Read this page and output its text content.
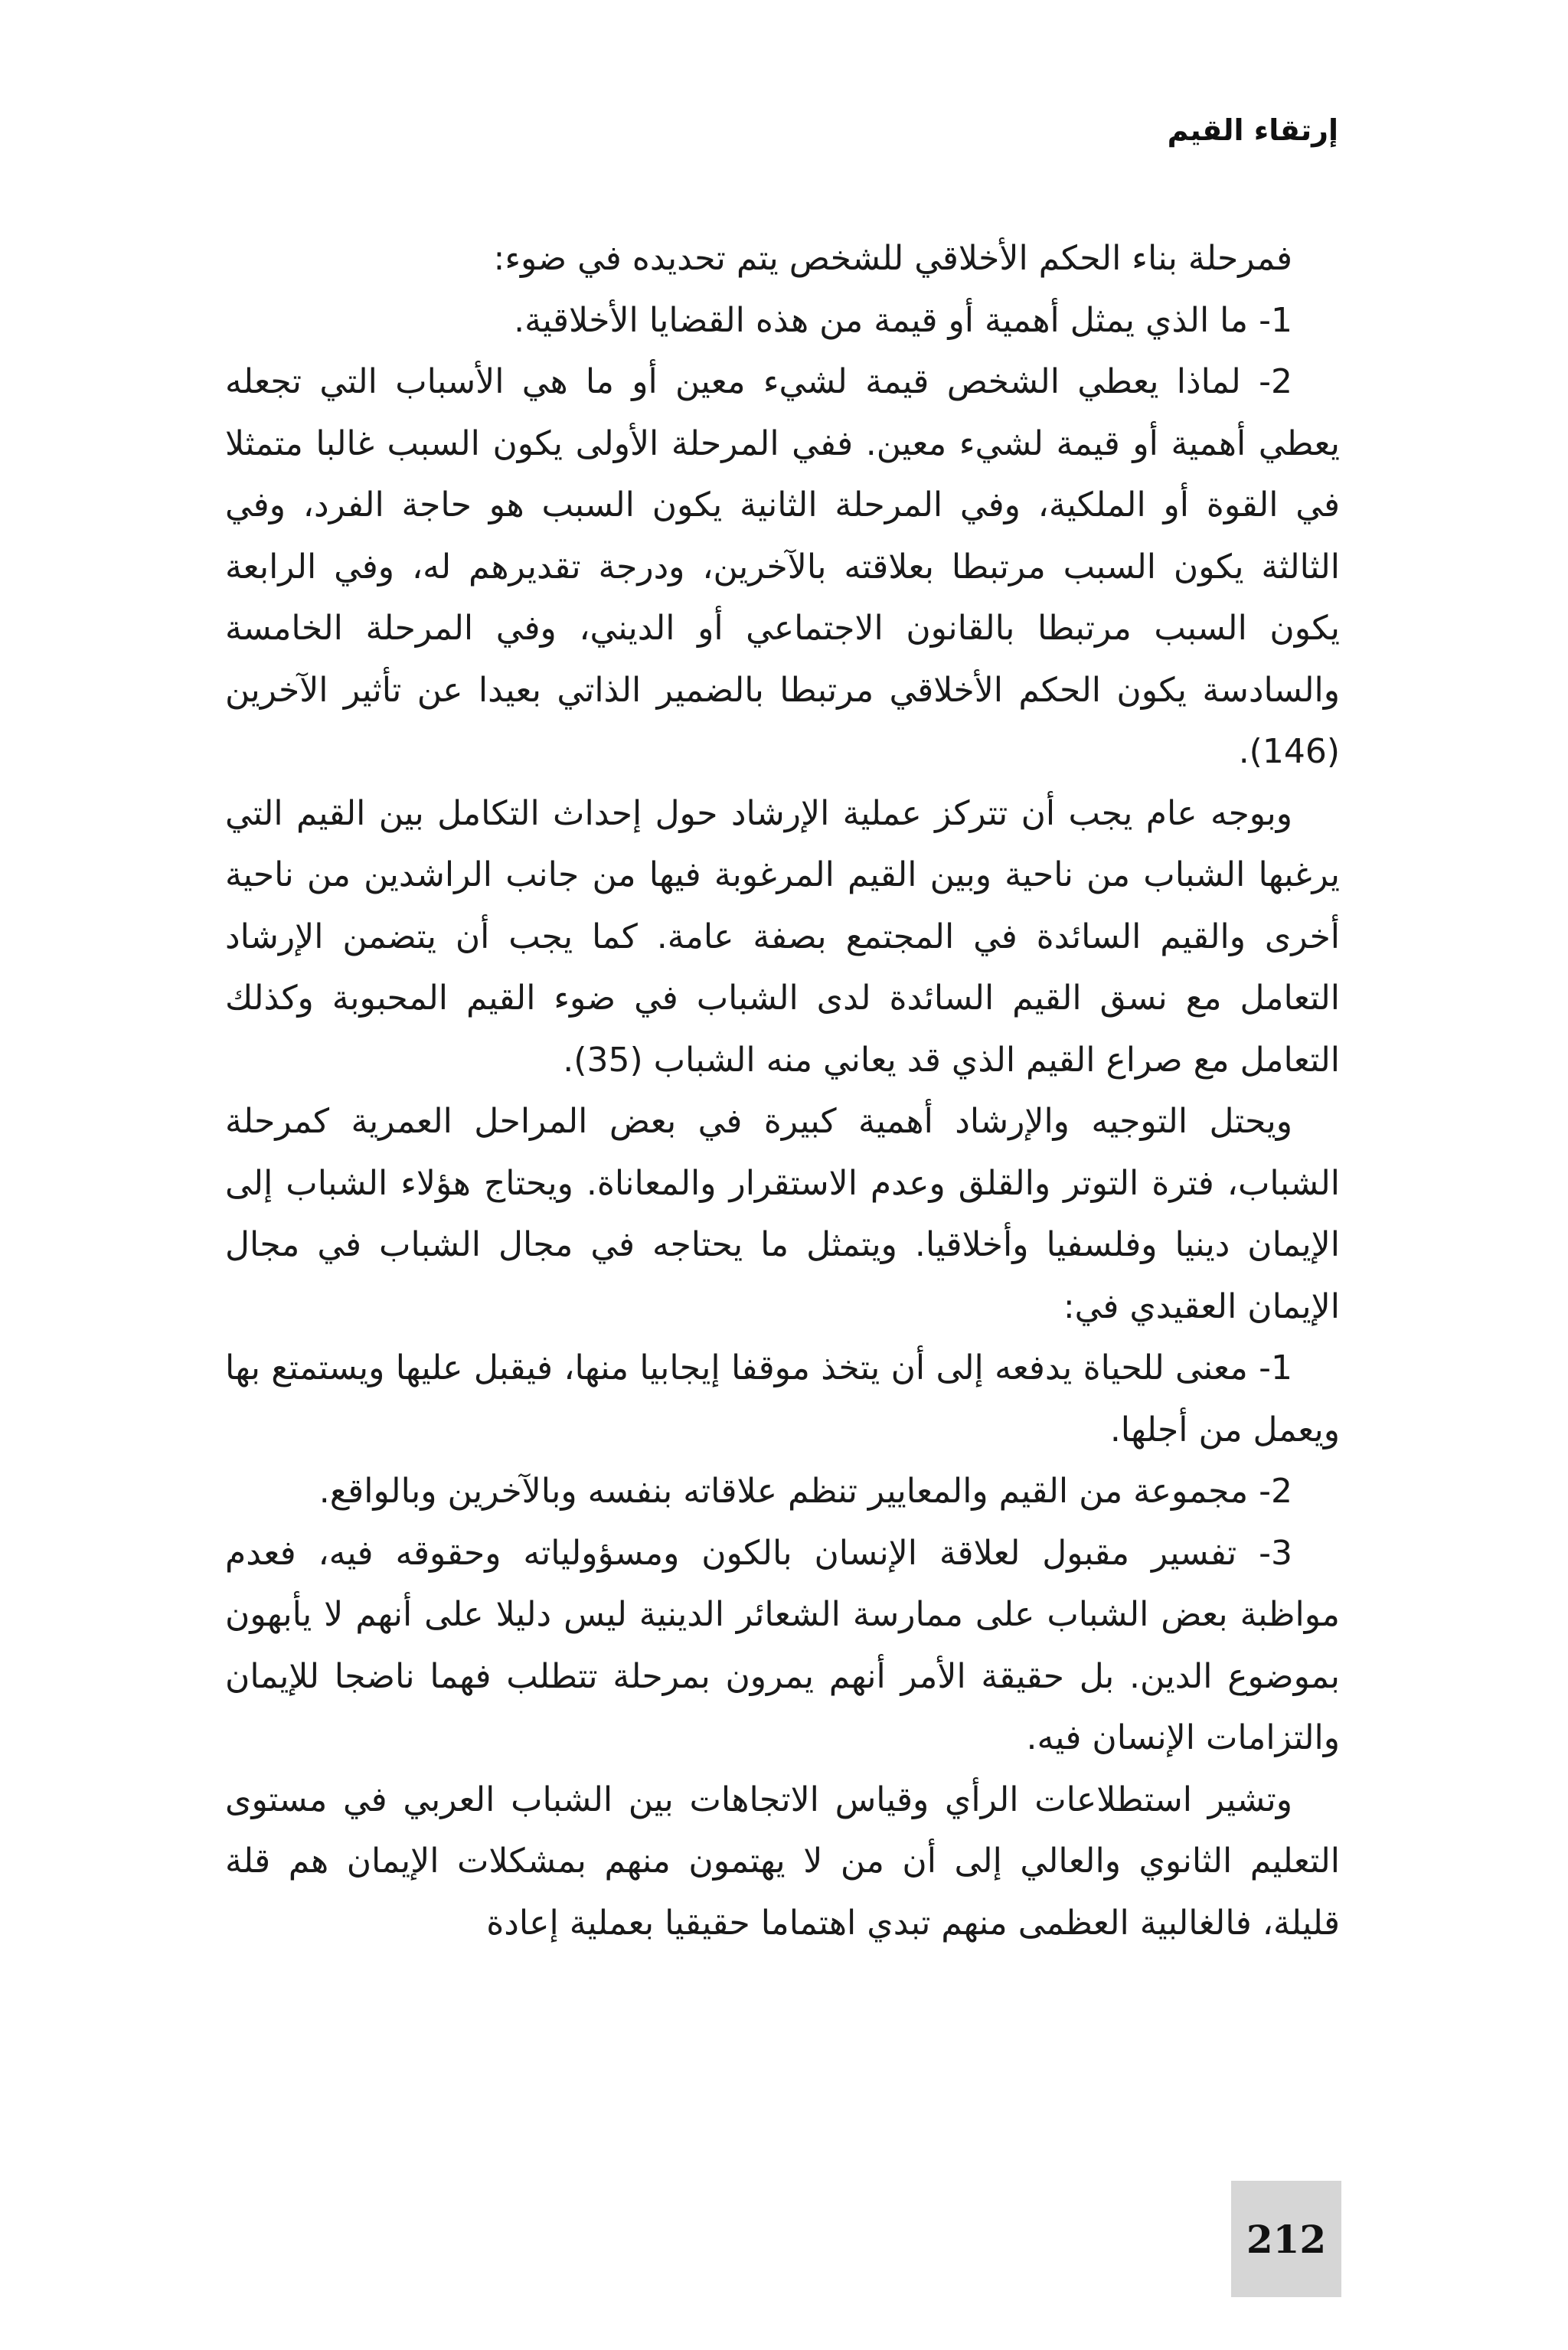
إرتقاء القيم

فمرحلة بناء الحكم الأخلاقي للشخص يتم تحديده في ضوء:

1- ما الذي يمثل أهمية أو قيمة من هذه القضايا الأخلاقية.

2- لماذا يعطي الشخص قيمة لشيء معين أو ما هي الأسباب التي تجعله يعطي أهمية أو قيمة لشيء معين. ففي المرحلة الأولى يكون السبب غالبا متمثلا في القوة أو الملكية، وفي المرحلة الثانية يكون السبب هو حاجة الفرد، وفي الثالثة يكون السبب مرتبطا بعلاقته بالآخرين، ودرجة تقديرهم له، وفي الرابعة يكون السبب مرتبطا بالقانون الاجتماعي أو الديني، وفي المرحلة الخامسة والسادسة يكون الحكم الأخلاقي مرتبطا بالضمير الذاتي بعيدا عن تأثير الآخرين (146).

وبوجه عام يجب أن تتركز عملية الإرشاد حول إحداث التكامل بين القيم التي يرغبها الشباب من ناحية وبين القيم المرغوبة فيها من جانب الراشدين من ناحية أخرى والقيم السائدة في المجتمع بصفة عامة. كما يجب أن يتضمن الإرشاد التعامل مع نسق القيم السائدة لدى الشباب في ضوء القيم المحبوبة وكذلك التعامل مع صراع القيم الذي قد يعاني منه الشباب (35).

ويحتل التوجيه والإرشاد أهمية كبيرة في بعض المراحل العمرية كمرحلة الشباب، فترة التوتر والقلق وعدم الاستقرار والمعاناة. ويحتاج هؤلاء الشباب إلى الإيمان دينيا وفلسفيا وأخلاقيا. ويتمثل ما يحتاجه في مجال الشباب في مجال الإيمان العقيدي في:

1- معنى للحياة يدفعه إلى أن يتخذ موقفا إيجابيا منها، فيقبل عليها ويستمتع بها ويعمل من أجلها.

2- مجموعة من القيم والمعايير تنظم علاقاته بنفسه وبالآخرين وبالواقع.

3- تفسير مقبول لعلاقة الإنسان بالكون ومسؤولياته وحقوقه فيه، فعدم مواظبة بعض الشباب على ممارسة الشعائر الدينية ليس دليلا على أنهم لا يأبهون بموضوع الدين. بل حقيقة الأمر أنهم يمرون بمرحلة تتطلب فهما ناضجا للإيمان والتزامات الإنسان فيه.

وتشير استطلاعات الرأي وقياس الاتجاهات بين الشباب العربي في مستوى التعليم الثانوي والعالي إلى أن من لا يهتمون منهم بمشكلات الإيمان هم قلة قليلة، فالغالبية العظمى منهم تبدي اهتماما حقيقيا بعملية إعادة

212
